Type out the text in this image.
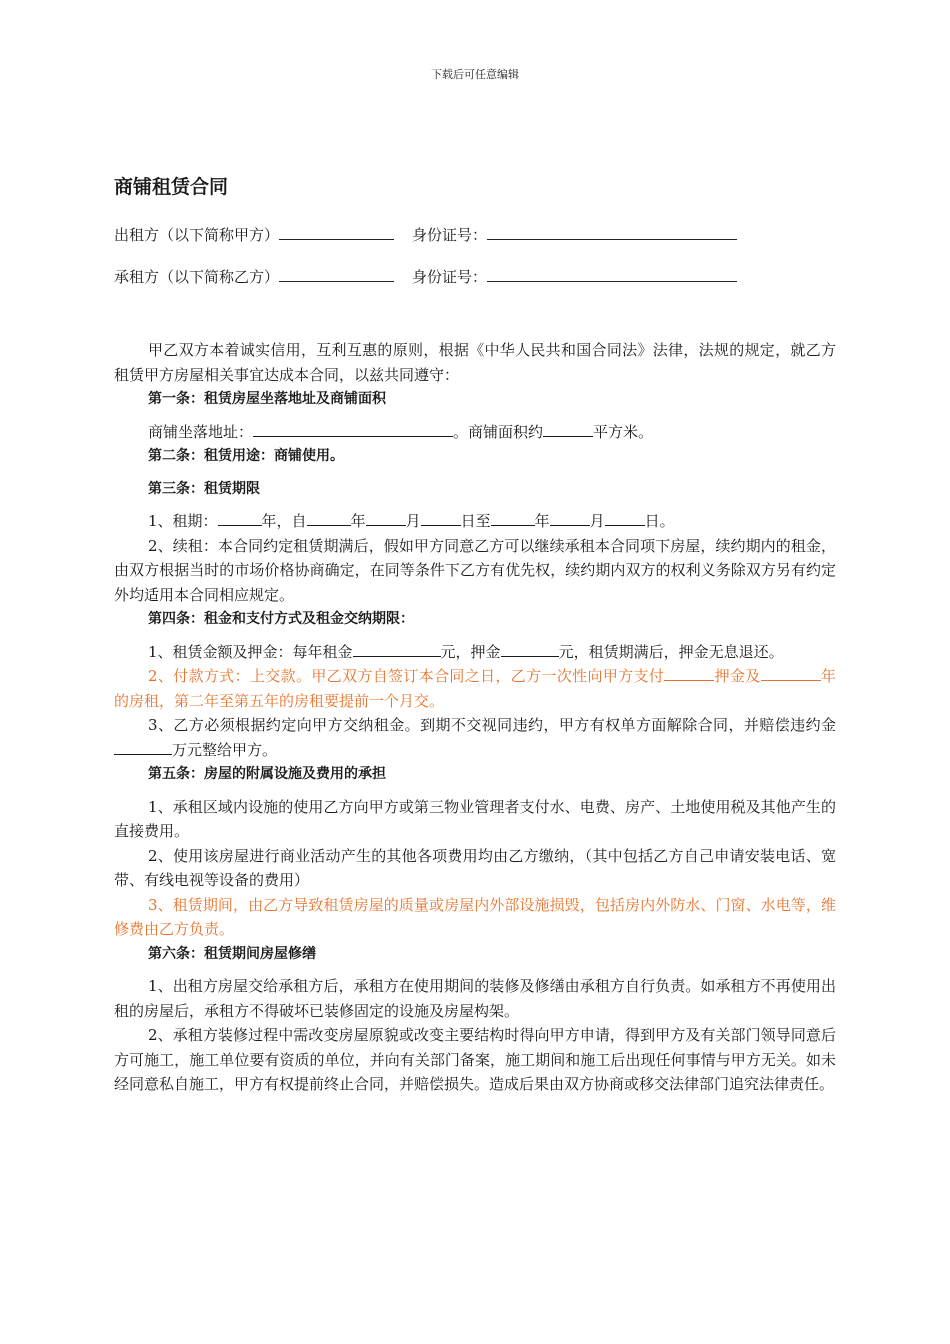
下载后可任意编辑
商铺租赁合同
出租方（以下简称甲方）	身份证号：
承租方（以下简称乙方）	身份证号：

甲乙双方本着诚实信用，互利互惠的原则，根据《中华人民共和国合同法》法律，法规的规定，就乙方租赁甲方房屋相关事宜达成本合同，以兹共同遵守：

第一条：租赁房屋坐落地址及商铺面积

商铺坐落地址：	。商铺面积约	平方米。

第二条：租赁用途：商铺使用。

第三条：租赁期限

1、租期：	年，自	年	月	日至	年	月	日。

2、续租：本合同约定租赁期满后，假如甲方同意乙方可以继续承租本合同项下房屋，续约期内的租金，由双方根据当时的市场价格协商确定，在同等条件下乙方有优先权，续约期内双方的权利义务除双方另有约定外均适用本合同相应规定。

第四条：租金和支付方式及租金交纳期限：

1、租赁金额及押金：每年租金	元，押金	元，租赁期满后，押金无息退还。

2、付款方式：上交款。甲乙双方自签订本合同之日，乙方一次性向甲方支付	押金及	年的房租，第二年至第五年的房租要提前一个月交。

3、乙方必须根据约定向甲方交纳租金。到期不交视同违约，甲方有权单方面解除合同，并赔偿违约金万元整给甲方。

第五条：房屋的附属设施及费用的承担

1、承租区域内设施的使用乙方向甲方或第三物业管理者支付水、电费、房产、土地使用税及其他产生的直接费用。

2、使用该房屋进行商业活动产生的其他各项费用均由乙方缴纳，（其中包括乙方自己申请安装电话、宽带、有线电视等设备的费用）

3、租赁期间，由乙方导致租赁房屋的质量或房屋内外部设施损毁，包括房内外防水、门窗、水电等，维修费由乙方负责。

第六条：租赁期间房屋修缮

1、出租方房屋交给承租方后，承租方在使用期间的装修及修缮由承租方自行负责。如承租方不再使用出租的房屋后，承租方不得破坏已装修固定的设施及房屋构架。

2、承租方装修过程中需改变房屋原貌或改变主要结构时得向甲方申请，得到甲方及有关部门领导同意后方可施工，施工单位要有资质的单位，并向有关部门备案，施工期间和施工后出现任何事情与甲方无关。如未经同意私自施工，甲方有权提前终止合同，并赔偿损失。造成后果由双方协商或移交法律部门追究法律责任。
